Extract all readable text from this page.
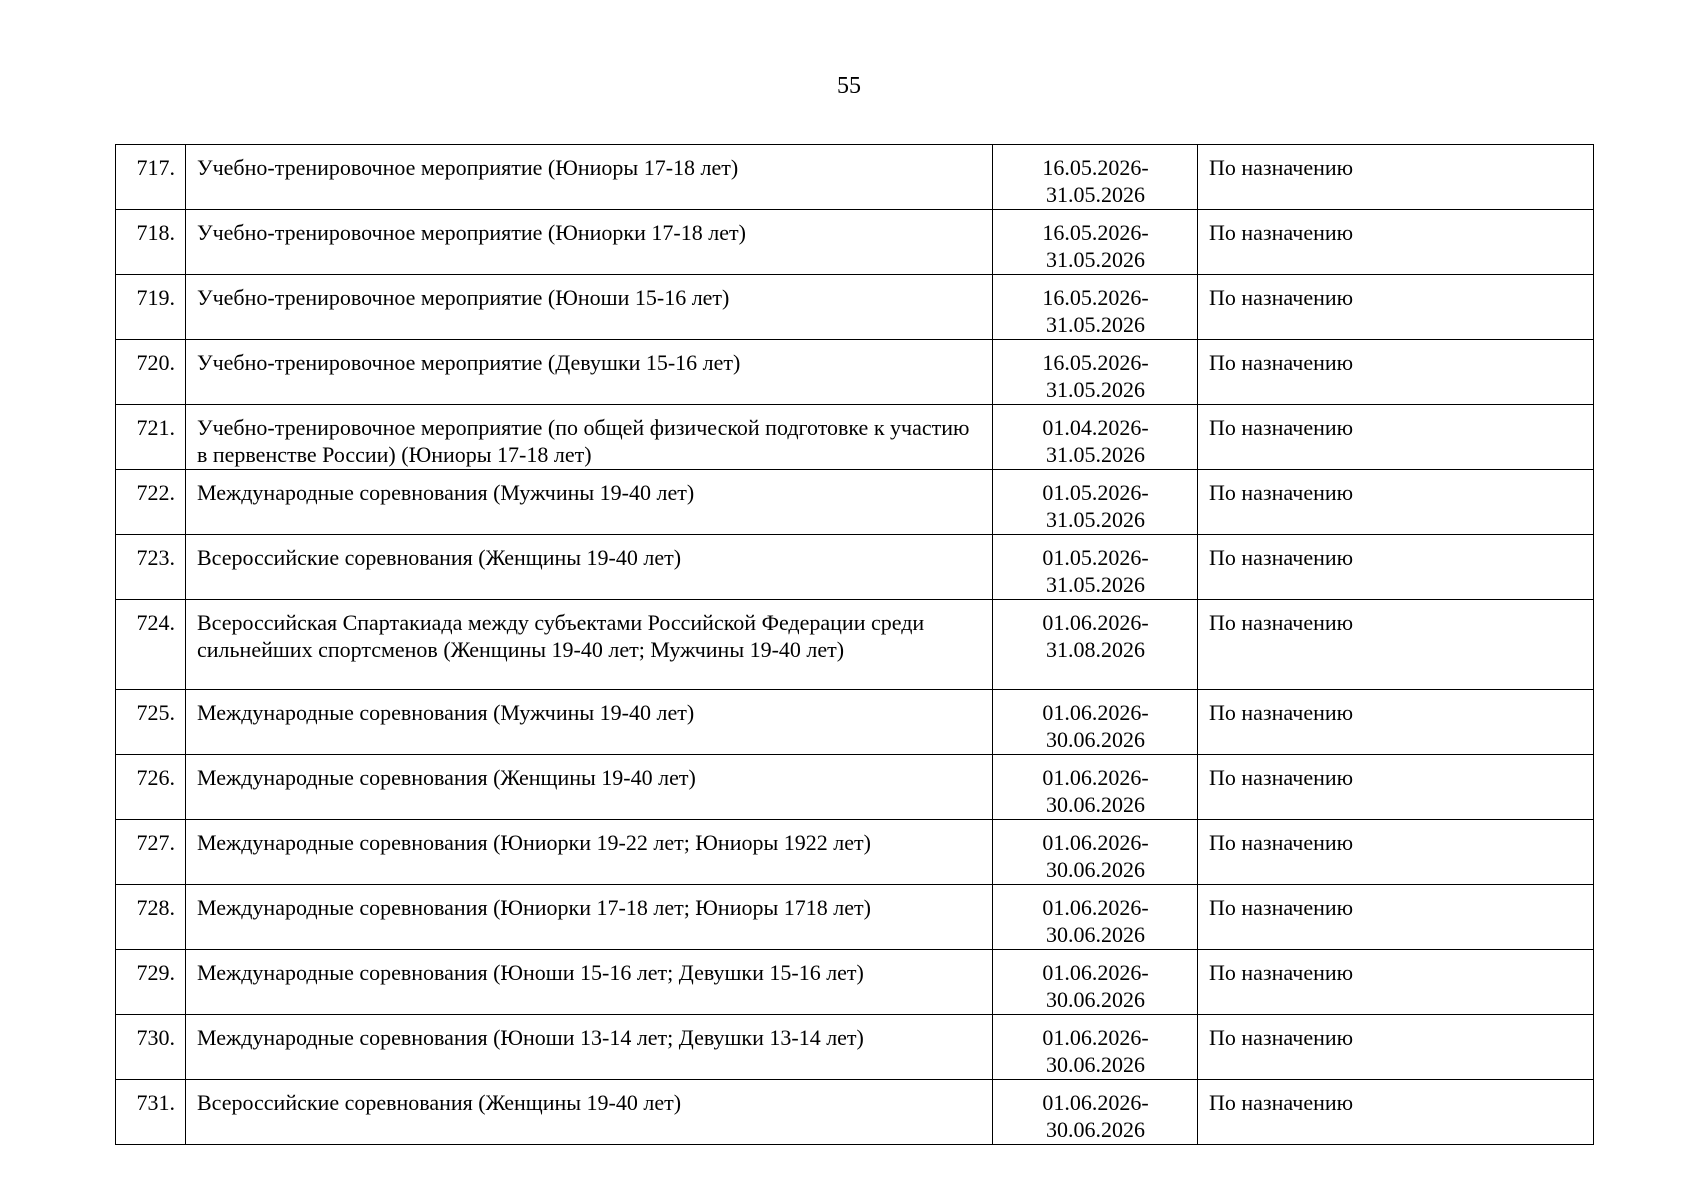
55
717.	Учебно-тренировочное мероприятие (Юниоры 17-18 лет)	16.05.2026-
31.05.2026	По назначению
718.	Учебно-тренировочное мероприятие (Юниорки 17-18 лет)	16.05.2026-
31.05.2026	По назначению
719.	Учебно-тренировочное мероприятие (Юноши 15-16 лет)	16.05.2026-
31.05.2026	По назначению
720.	Учебно-тренировочное мероприятие (Девушки 15-16 лет)	16.05.2026-
31.05.2026	По назначению
721.	Учебно-тренировочное мероприятие (по общей физической подготовке к участию в первенстве России) (Юниоры 17-18 лет)	01.04.2026-
31.05.2026	По назначению
722.	Международные соревнования (Мужчины 19-40 лет)	01.05.2026-
31.05.2026	По назначению
723.	Всероссийские соревнования (Женщины 19-40 лет)	01.05.2026-
31.05.2026	По назначению
724.	Всероссийская Спартакиада между субъектами Российской Федерации среди сильнейших спортсменов (Женщины 19-40 лет; Мужчины 19-40 лет)	01.06.2026-
31.08.2026	По назначению
725.	Международные соревнования (Мужчины 19-40 лет)	01.06.2026-
30.06.2026	По назначению
726.	Международные соревнования (Женщины 19-40 лет)	01.06.2026-
30.06.2026	По назначению
727.	Международные соревнования (Юниорки 19-22 лет; Юниоры 1922 лет)	01.06.2026-
30.06.2026	По назначению
728.	Международные соревнования (Юниорки 17-18 лет; Юниоры 1718 лет)	01.06.2026-
30.06.2026	По назначению
729.	Международные соревнования (Юноши 15-16 лет; Девушки 15-16 лет)	01.06.2026-
30.06.2026	По назначению
730.	Международные соревнования (Юноши 13-14 лет; Девушки 13-14 лет)	01.06.2026-
30.06.2026	По назначению
731.	Всероссийские соревнования (Женщины 19-40 лет)	01.06.2026-
30.06.2026	По назначению
